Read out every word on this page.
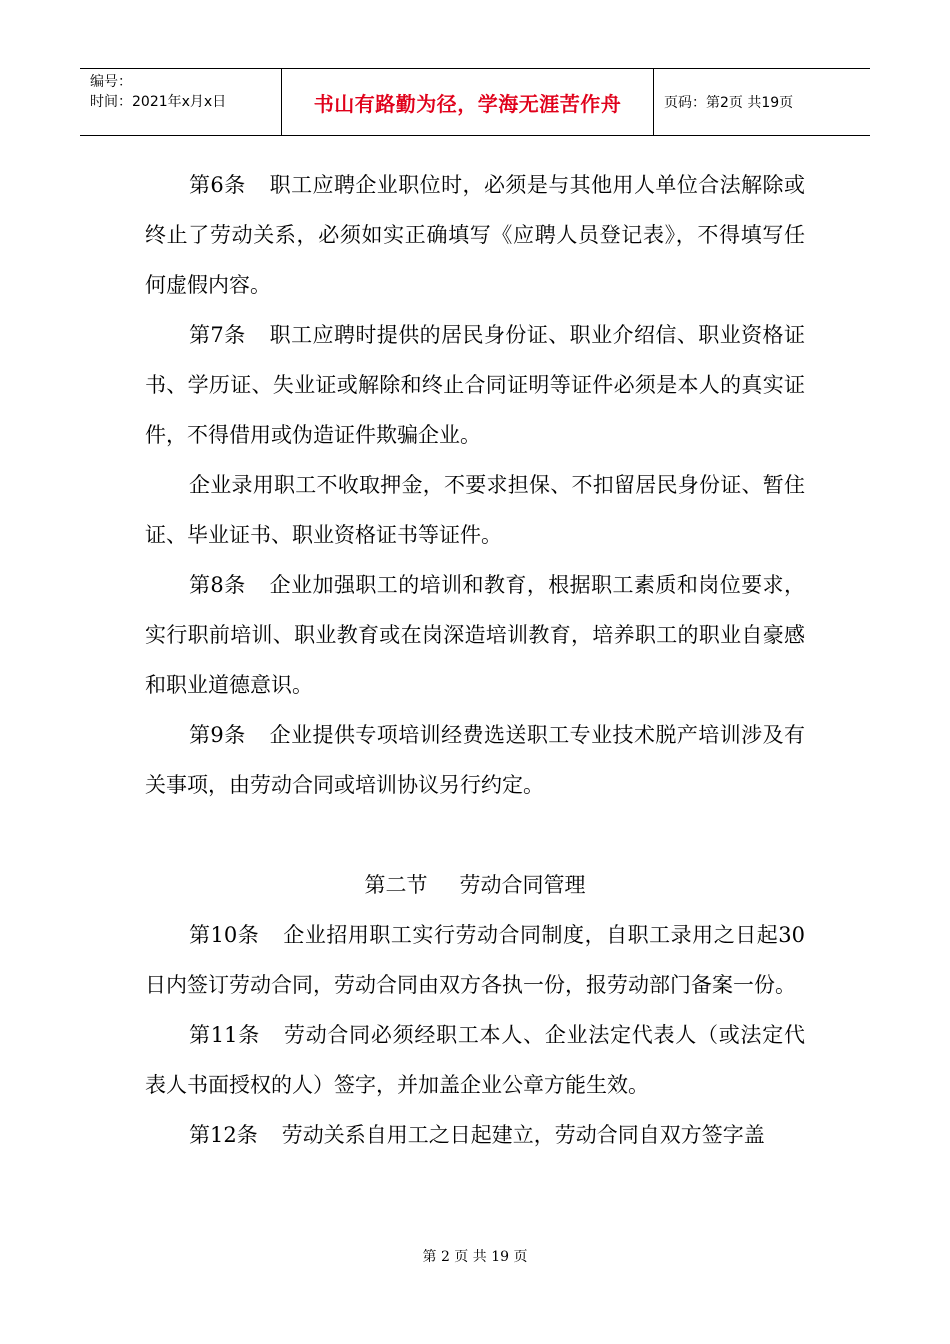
编号：
时间：2021年x月x日	书山有路勤为径，学海无涯苦作舟	页码：第2页 共19页

第6条 职工应聘企业职位时，必须是与其他用人单位合法解除或终止了劳动关系，必须如实正确填写《应聘人员登记表》，不得填写任何虚假内容。

第7条 职工应聘时提供的居民身份证、职业介绍信、职业资格证书、学历证、失业证或解除和终止合同证明等证件必须是本人的真实证件，不得借用或伪造证件欺骗企业。

企业录用职工不收取押金，不要求担保、不扣留居民身份证、暂住证、毕业证书、职业资格证书等证件。

第8条 企业加强职工的培训和教育，根据职工素质和岗位要求，实行职前培训、职业教育或在岗深造培训教育，培养职工的职业自豪感和职业道德意识。

第9条 企业提供专项培训经费选送职工专业技术脱产培训涉及有关事项，由劳动合同或培训协议另行约定。

第二节 劳动合同管理

第10条 企业招用职工实行劳动合同制度，自职工录用之日起30日内签订劳动合同，劳动合同由双方各执一份，报劳动部门备案一份。

第11条 劳动合同必须经职工本人、企业法定代表人（或法定代表人书面授权的人）签字，并加盖企业公章方能生效。

第12条 劳动关系自用工之日起建立，劳动合同自双方签字盖

第 2 页 共 19 页
